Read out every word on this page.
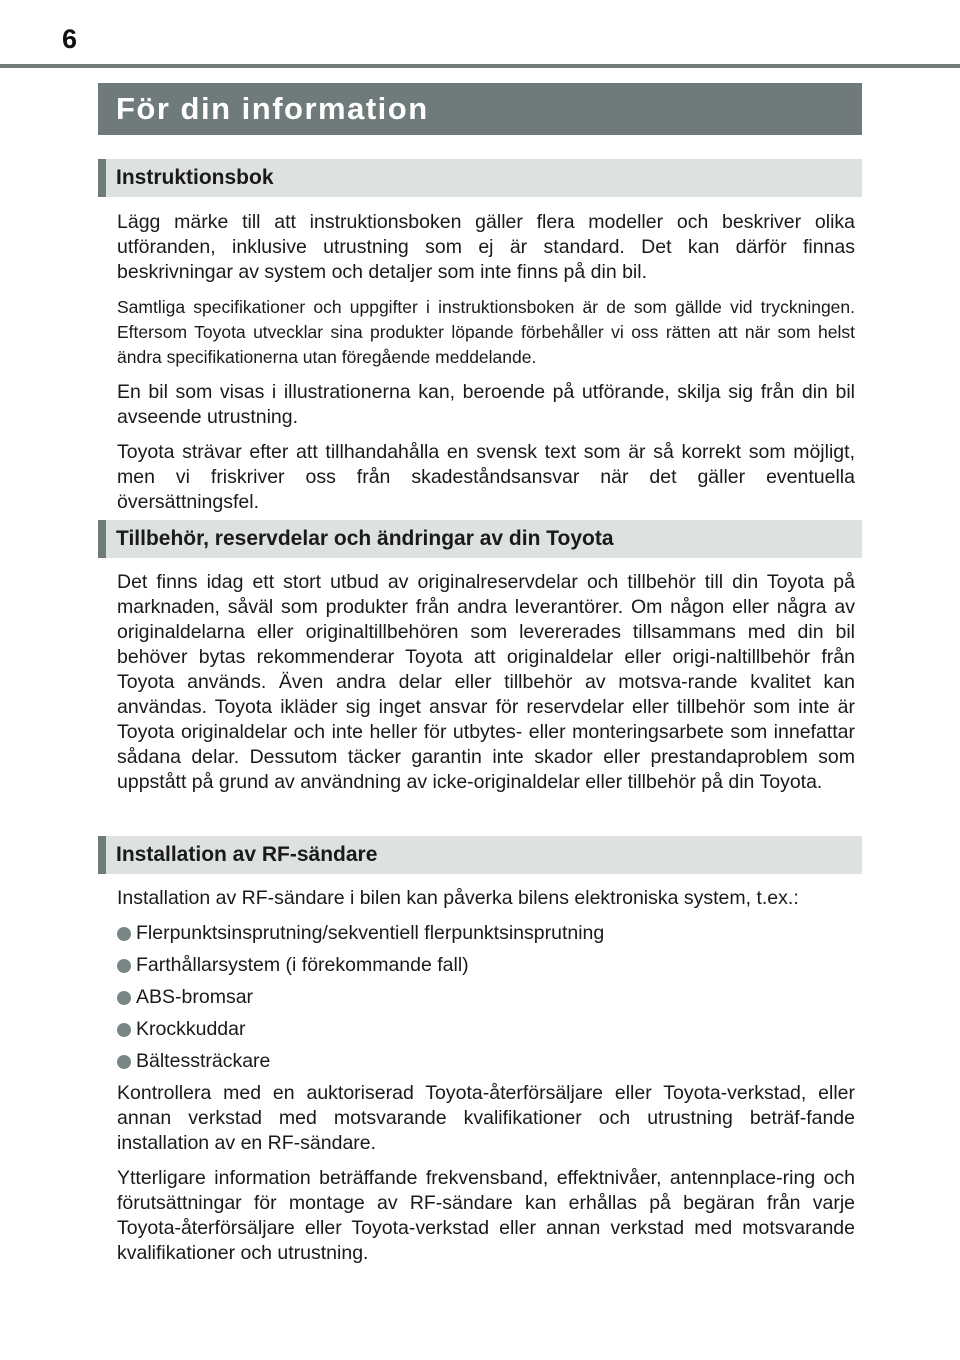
6
För din information
Instruktionsbok

Lägg märke till att instruktionsboken gäller flera modeller och beskriver olika utföranden, inklusive utrustning som ej är standard. Det kan därför finnas beskrivningar av system och detaljer som inte finns på din bil.

Samtliga specifikationer och uppgifter i instruktionsboken är de som gällde vid tryckningen. Eftersom Toyota utvecklar sina produkter löpande förbehåller vi oss rätten att när som helst ändra specifikationerna utan föregående meddelande.

En bil som visas i illustrationerna kan, beroende på utförande, skilja sig från din bil avseende utrustning.

Toyota strävar efter att tillhandahålla en svensk text som är så korrekt som möjligt, men vi friskriver oss från skadeståndsansvar när det gäller eventuella översättningsfel.

Tillbehör, reservdelar och ändringar av din Toyota

Det finns idag ett stort utbud av originalreservdelar och tillbehör till din Toyota på marknaden, såväl som produkter från andra leverantörer. Om någon eller några av originaldelarna eller originaltillbehören som levererades tillsammans med din bil behöver bytas rekommenderar Toyota att originaldelar eller origi-naltillbehör från Toyota används. Även andra delar eller tillbehör av motsva-rande kvalitet kan användas. Toyota ikläder sig inget ansvar för reservdelar eller tillbehör som inte är Toyota originaldelar och inte heller för utbytes- eller monteringsarbete som innefattar sådana delar. Dessutom täcker garantin inte skador eller prestandaproblem som uppstått på grund av användning av icke-originaldelar eller tillbehör på din Toyota.

Installation av RF-sändare

Installation av RF-sändare i bilen kan påverka bilens elektroniska system, t.ex.:

Flerpunktsinsprutning/sekventiell flerpunktsinsprutning
Farthållarsystem (i förekommande fall)
ABS-bromsar
Krockkuddar
Bältessträckare

Kontrollera med en auktoriserad Toyota-återförsäljare eller Toyota-verkstad, eller annan verkstad med motsvarande kvalifikationer och utrustning beträf-fande installation av en RF-sändare.

Ytterligare information beträffande frekvensband, effektnivåer, antennplace-ring och förutsättningar för montage av RF-sändare kan erhållas på begäran från varje Toyota-återförsäljare eller Toyota-verkstad eller annan verkstad med motsvarande kvalifikationer och utrustning.
